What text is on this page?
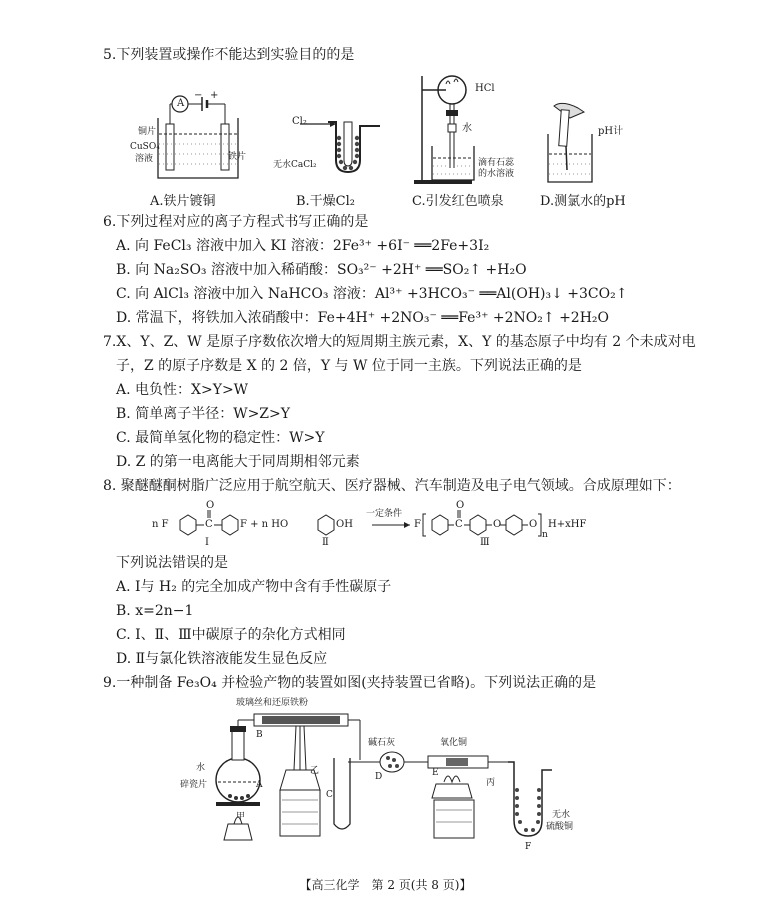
5.下列装置或操作不能达到实验目的的是
A
− +
铜片
CuSO₄
溶液	铁片
A.铁片镀铜
Cl₂
无水CaCl₂
B.干燥Cl₂
HCl
水
滴有石蕊
的水溶液
C.引发红色喷泉
pH计
D.测氯水的pH
6.下列过程对应的离子方程式书写正确的是
A. 向 FeCl₃ 溶液中加入 KI 溶液：2Fe³⁺ +6I⁻ ══2Fe+3I₂
B. 向 Na₂SO₃ 溶液中加入稀硝酸：SO₃²⁻ +2H⁺ ══SO₂↑ +H₂O
C. 向 AlCl₃ 溶液中加入 NaHCO₃ 溶液：Al³⁺ +3HCO₃⁻ ══Al(OH)₃↓ +3CO₂↑
D. 常温下，将铁加入浓硝酸中：Fe+4H⁺ +2NO₃⁻ ══Fe³⁺ +2NO₂↑ +2H₂O
7.X、Y、Z、W 是原子序数依次增大的短周期主族元素，X、Y 的基态原子中均有 2 个未成对电
子，Z 的原子序数是 X 的 2 倍，Y 与 W 位于同一主族。下列说法正确的是
A. 电负性：X>Y>W
B. 简单离子半径：W>Z>Y
C. 最简单氢化物的稳定性：W>Y
D. Z 的第一电离能大于同周期相邻元素
8. 聚醚醚酮树脂广泛应用于航空航天、医疗器械、汽车制造及电子电气领域。合成原理如下：
n F	C
O
F + n HO	OH
一定条件
F	C
O
O	O
n
H+xHF
Ⅰ	Ⅱ	Ⅲ
下列说法错误的是
A. Ⅰ与 H₂ 的完全加成产物中含有手性碳原子
B. x=2n−1
C. Ⅰ、Ⅱ、Ⅲ中碳原子的杂化方式相同
D. Ⅱ与氯化铁溶液能发生显色反应
9.一种制备 Fe₃O₄ 并检验产物的装置如图(夹持装置已省略)。下列说法正确的是
玻璃丝和还原铁粉
B
水
碎瓷片	A
甲
乙
C
碱石灰
D
氧化铜
E
丙
无水
硫酸铜
F
【高三化学　第 2 页(共 8 页)】
